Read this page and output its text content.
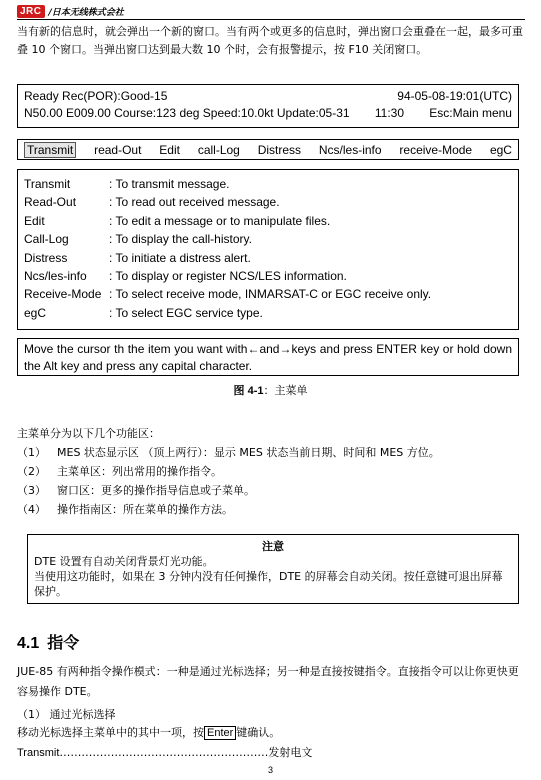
JRC /日本无线株式会社
当有新的信息时，就会弹出一个新的窗口。当有两个或更多的信息时，弹出窗口会重叠在一起，最多可重叠 10 个窗口。当弹出窗口达到最大数 10 个时，会有报警提示，按 F10 关闭窗口。
Ready Rec(POR):Good-15	94-05-08-19:01(UTC)
N50.00 E009.00 Course:123 deg Speed:10.0kt Update:05-31 11:30 Esc:Main menu
Transmit read-Out Edit call-Log Distress Ncs/les-info receive-Mode egC
Transmit	: To transmit message.
Read-Out	: To read out received message.
Edit	: To edit a message or to manipulate files.
Call-Log	: To display the call-history.
Distress	: To initiate a distress alert.
Ncs/les-info	: To display or register NCS/LES information.
Receive-Mode : To select receive mode, INMARSAT-C or EGC receive only.
egC	: To select EGC service type.
Move the cursor th the item you want with←and→keys and press ENTER key or hold down the Alt key and press any capital character.
图 4-1：主菜单
主菜单分为以下几个功能区：
（1） MES 状态显示区 （顶上两行）：显示 MES 状态当前日期、时间和 MES 方位。
（2） 主菜单区：列出常用的操作指令。
（3） 窗口区：更多的操作指导信息或子菜单。
（4） 操作指南区：所在菜单的操作方法。
注意
DTE 设置有自动关闭背景灯光功能。
当使用这功能时，如果在 3 分钟内没有任何操作，DTE 的屏幕会自动关闭。按任意键可退出屏幕保护。
4.1 指令
JUE-85 有两种指令操作模式：一种是通过光标选择；另一种是直接按键指令。直接指令可以让你更快更容易操作 DTE。
（1） 通过光标选择
移动光标选择主菜单中的其中一项，按 Enter 键确认。
Transmit…………………………………………………发射电文
3
